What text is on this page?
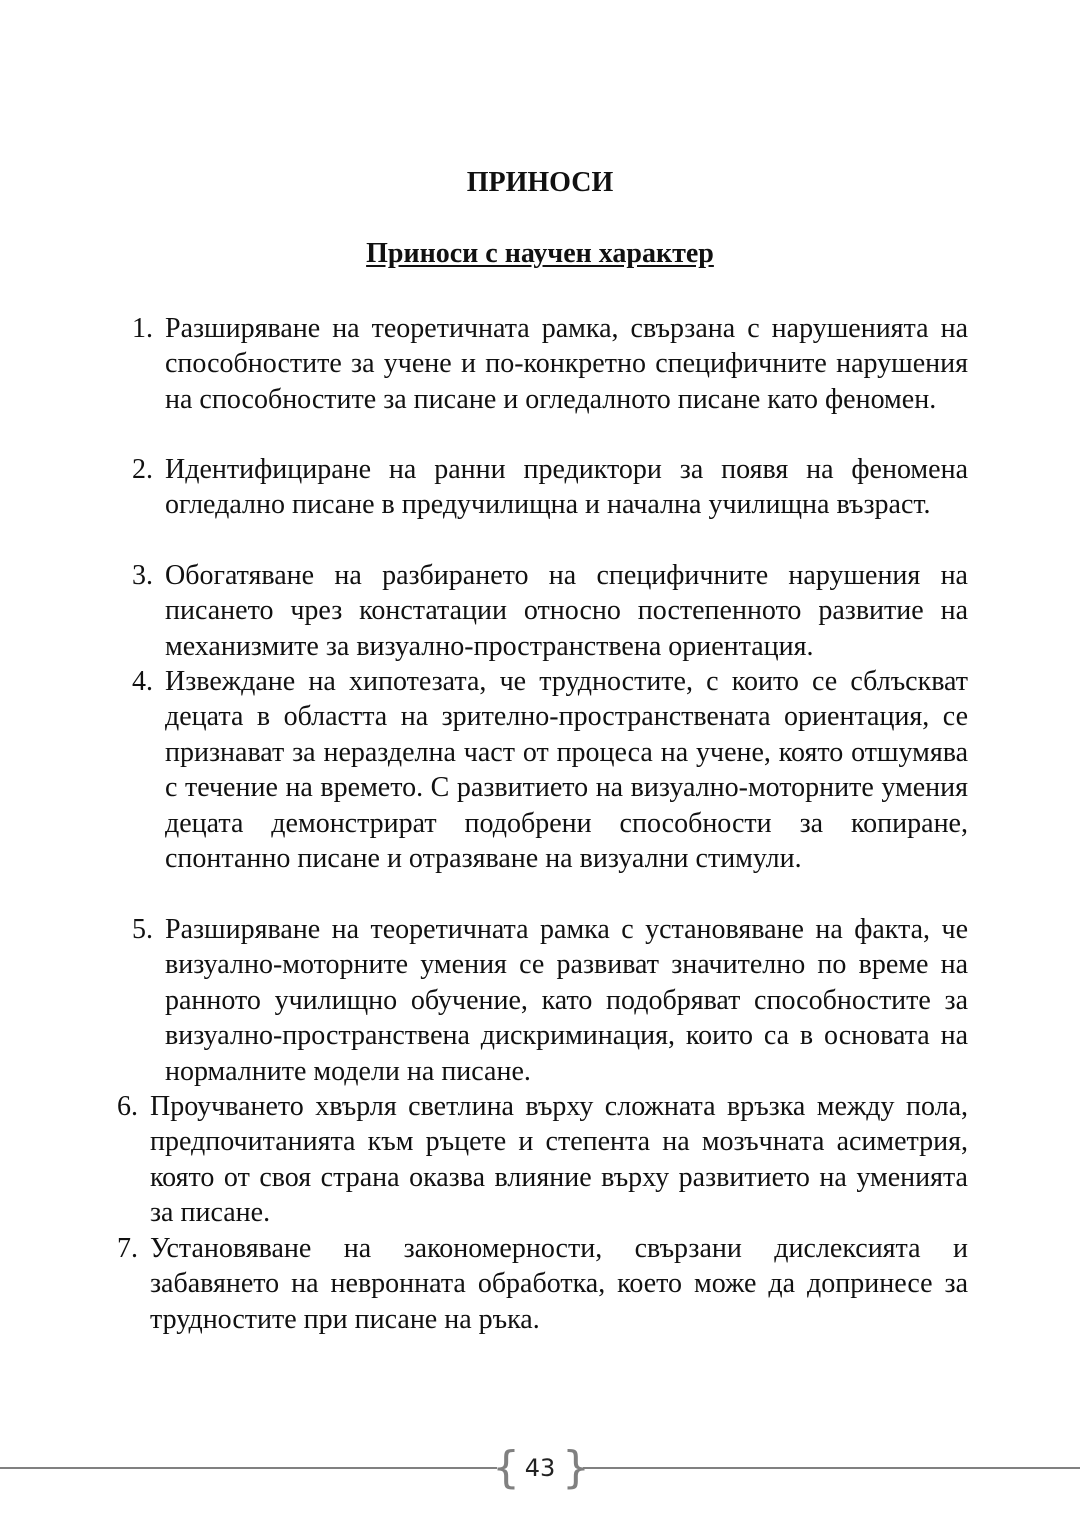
ПРИНОСИ
Приноси с научен характер
1. Разширяване на теоретичната рамка, свързана с нарушенията на способностите за учене и по-конкретно специфичните нарушения на способностите за писане и огледалното писане като феномен.
2. Идентифициране на ранни предиктори за появя на феномена огледално писане в предучилищна и начална училищна възраст.
3. Обогатяване на разбирането на специфичните нарушения на писането чрез констатации относно постепенното развитие на механизмите за визуално-пространствена ориентация.
4. Извеждане на хипотезата, че трудностите, с които се сблъскват децата в областта на зрително-пространствената ориентация, се признават за неразделна част от процеса на учене, която отшумява с течение на времето. С развитието на визуално-моторните умения децата демонстрират подобрени способности за копиране, спонтанно писане и отразяване на визуални стимули.
5. Разширяване на теоретичната рамка с установяване на факта, че визуално-моторните умения се развиват значително по време на ранното училищно обучение, като подобряват способностите за визуално-пространствена дискриминация, които са в основата на нормалните модели на писане.
6. Проучването хвърля светлина върху сложната връзка между пола, предпочитанията към ръцете и степента на мозъчната асиметрия, която от своя страна оказва влияние върху развитието на уменията за писане.
7. Установяване на закономерности, свързани дислексията и забавянето на невронната обработка, което може да допринесе за трудностите при писане на ръка.
{ }
43
